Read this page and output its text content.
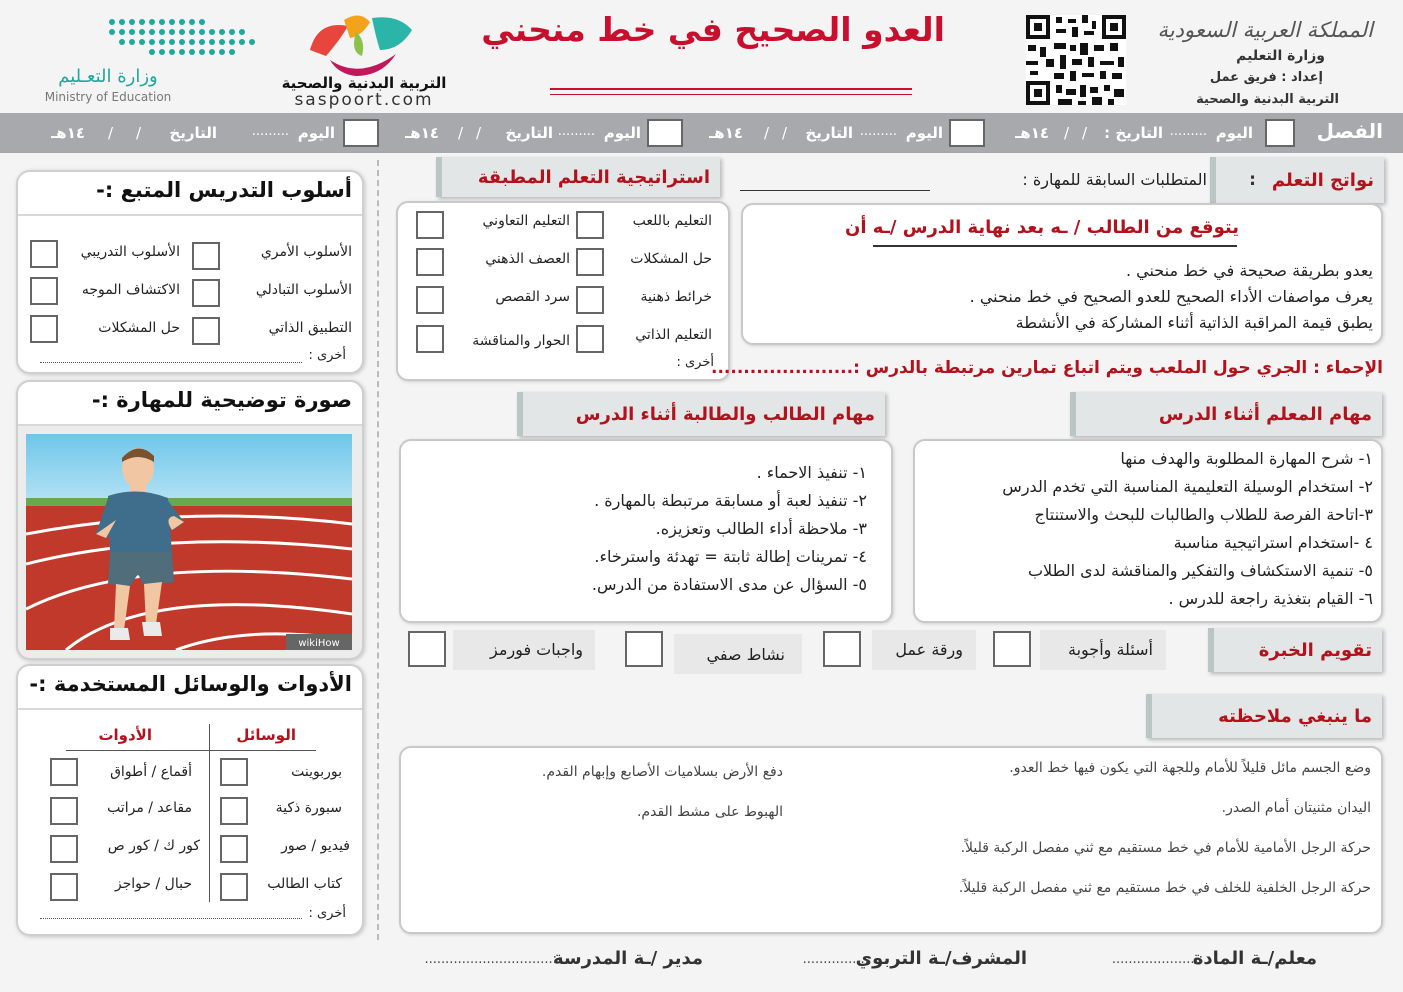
المملكة العربية السعودية
وزارة التعليم
إعداد : فريق عمل
التربية البدنية والصحية
العدو الصحيح في خط منحني
التربية البدنية والصحية
saspoort.com
وزارة التعـليم
Ministry of Education
الفصل
اليوم
.........
التاريخ :
/
/
١٤هـ
اليوم
.........
التاريخ
/
/
١٤هـ
اليوم
.........
التاريخ
/
/
١٤هـ
اليوم
.........
التاريخ
/
/
١٤هـ
أسلوب التدريس المتبع :-
الأسلوب الأمري
الأسلوب التبادلي
التطبيق الذاتي
الأسلوب التدريبي
الاكتشاف الموجه
حل المشكلات
أخرى :
صورة توضيحية للمهارة :-
wikiHow
الأدوات والوسائل المستخدمة :-
الوسائل
الأدوات
بوربوينت
سبورة ذكية
فيديو / صور
كتاب الطالب
أقماع / أطواق
مقاعد / مراتب
كور ك / كور ص
حبال / حواجز
أخرى :
نواتج التعلم
:
المتطلبات السابقة للمهارة :
استراتيجية التعلم المطبقة
يتوقع من الطالب / ـه بعد نهاية الدرس /ـه أن
يعدو بطريقة صحيحة في خط منحني .
يعرف مواصفات الأداء الصحيح للعدو الصحيح في خط منحني .
يطبق قيمة المراقبة الذاتية أثناء المشاركة في الأنشطة
التعليم باللعب
حل المشكلات
خرائط ذهنية
التعليم الذاتي
التعليم التعاوني
العصف الذهني
سرد القصص
الحوار والمناقشة
أخرى :
الإحماء : الجري حول الملعب ويتم اتباع تمارين مرتبطة بالدرس :......................
مهام المعلم أثناء الدرس
١- شرح المهارة المطلوبة والهدف منها
٢- استخدام الوسيلة التعليمية المناسبة التي تخدم الدرس
٣-اتاحة الفرصة للطلاب والطالبات للبحث والاستنتاج
٤ -استخدام استراتيجية مناسبة
٥- تنمية الاستكشاف والتفكير والمناقشة لدى الطلاب
٦- القيام بتغذية راجعة للدرس .
مهام الطالب والطالبة أثناء الدرس
١- تنفيذ الاحماء .
٢- تنفيذ لعبة أو مسابقة مرتبطة بالمهارة .
٣- ملاحظة أداء الطالب وتعزيزه.
٤- تمرينات إطالة ثابتة = تهدئة واسترخاء.
٥- السؤال عن مدى الاستفادة من الدرس.
تقويم الخبرة
أسئلة وأجوبة
ورقة عمل
نشاط صفي
واجبات فورمز
ما ينبغي ملاحظته
وضع الجسم مائل قليلاً للأمام وللجهة التي يكون فيها خط العدو.
اليدان مثنيتان أمام الصدر.
حركة الرجل الأمامية للأمام في خط مستقيم مع ثني مفصل الركبة قليلاً.
حركة الرجل الخلفية للخلف في خط مستقيم مع ثني مفصل الركبة قليلاً.
دفع الأرض بسلاميات الأصابع وإبهام القدم.
الهبوط على مشط القدم.
معلم/ـة المادة
:.....................
المشرف/ـة التربوي
:...............
مدير /ـة المدرسة
:...............................
